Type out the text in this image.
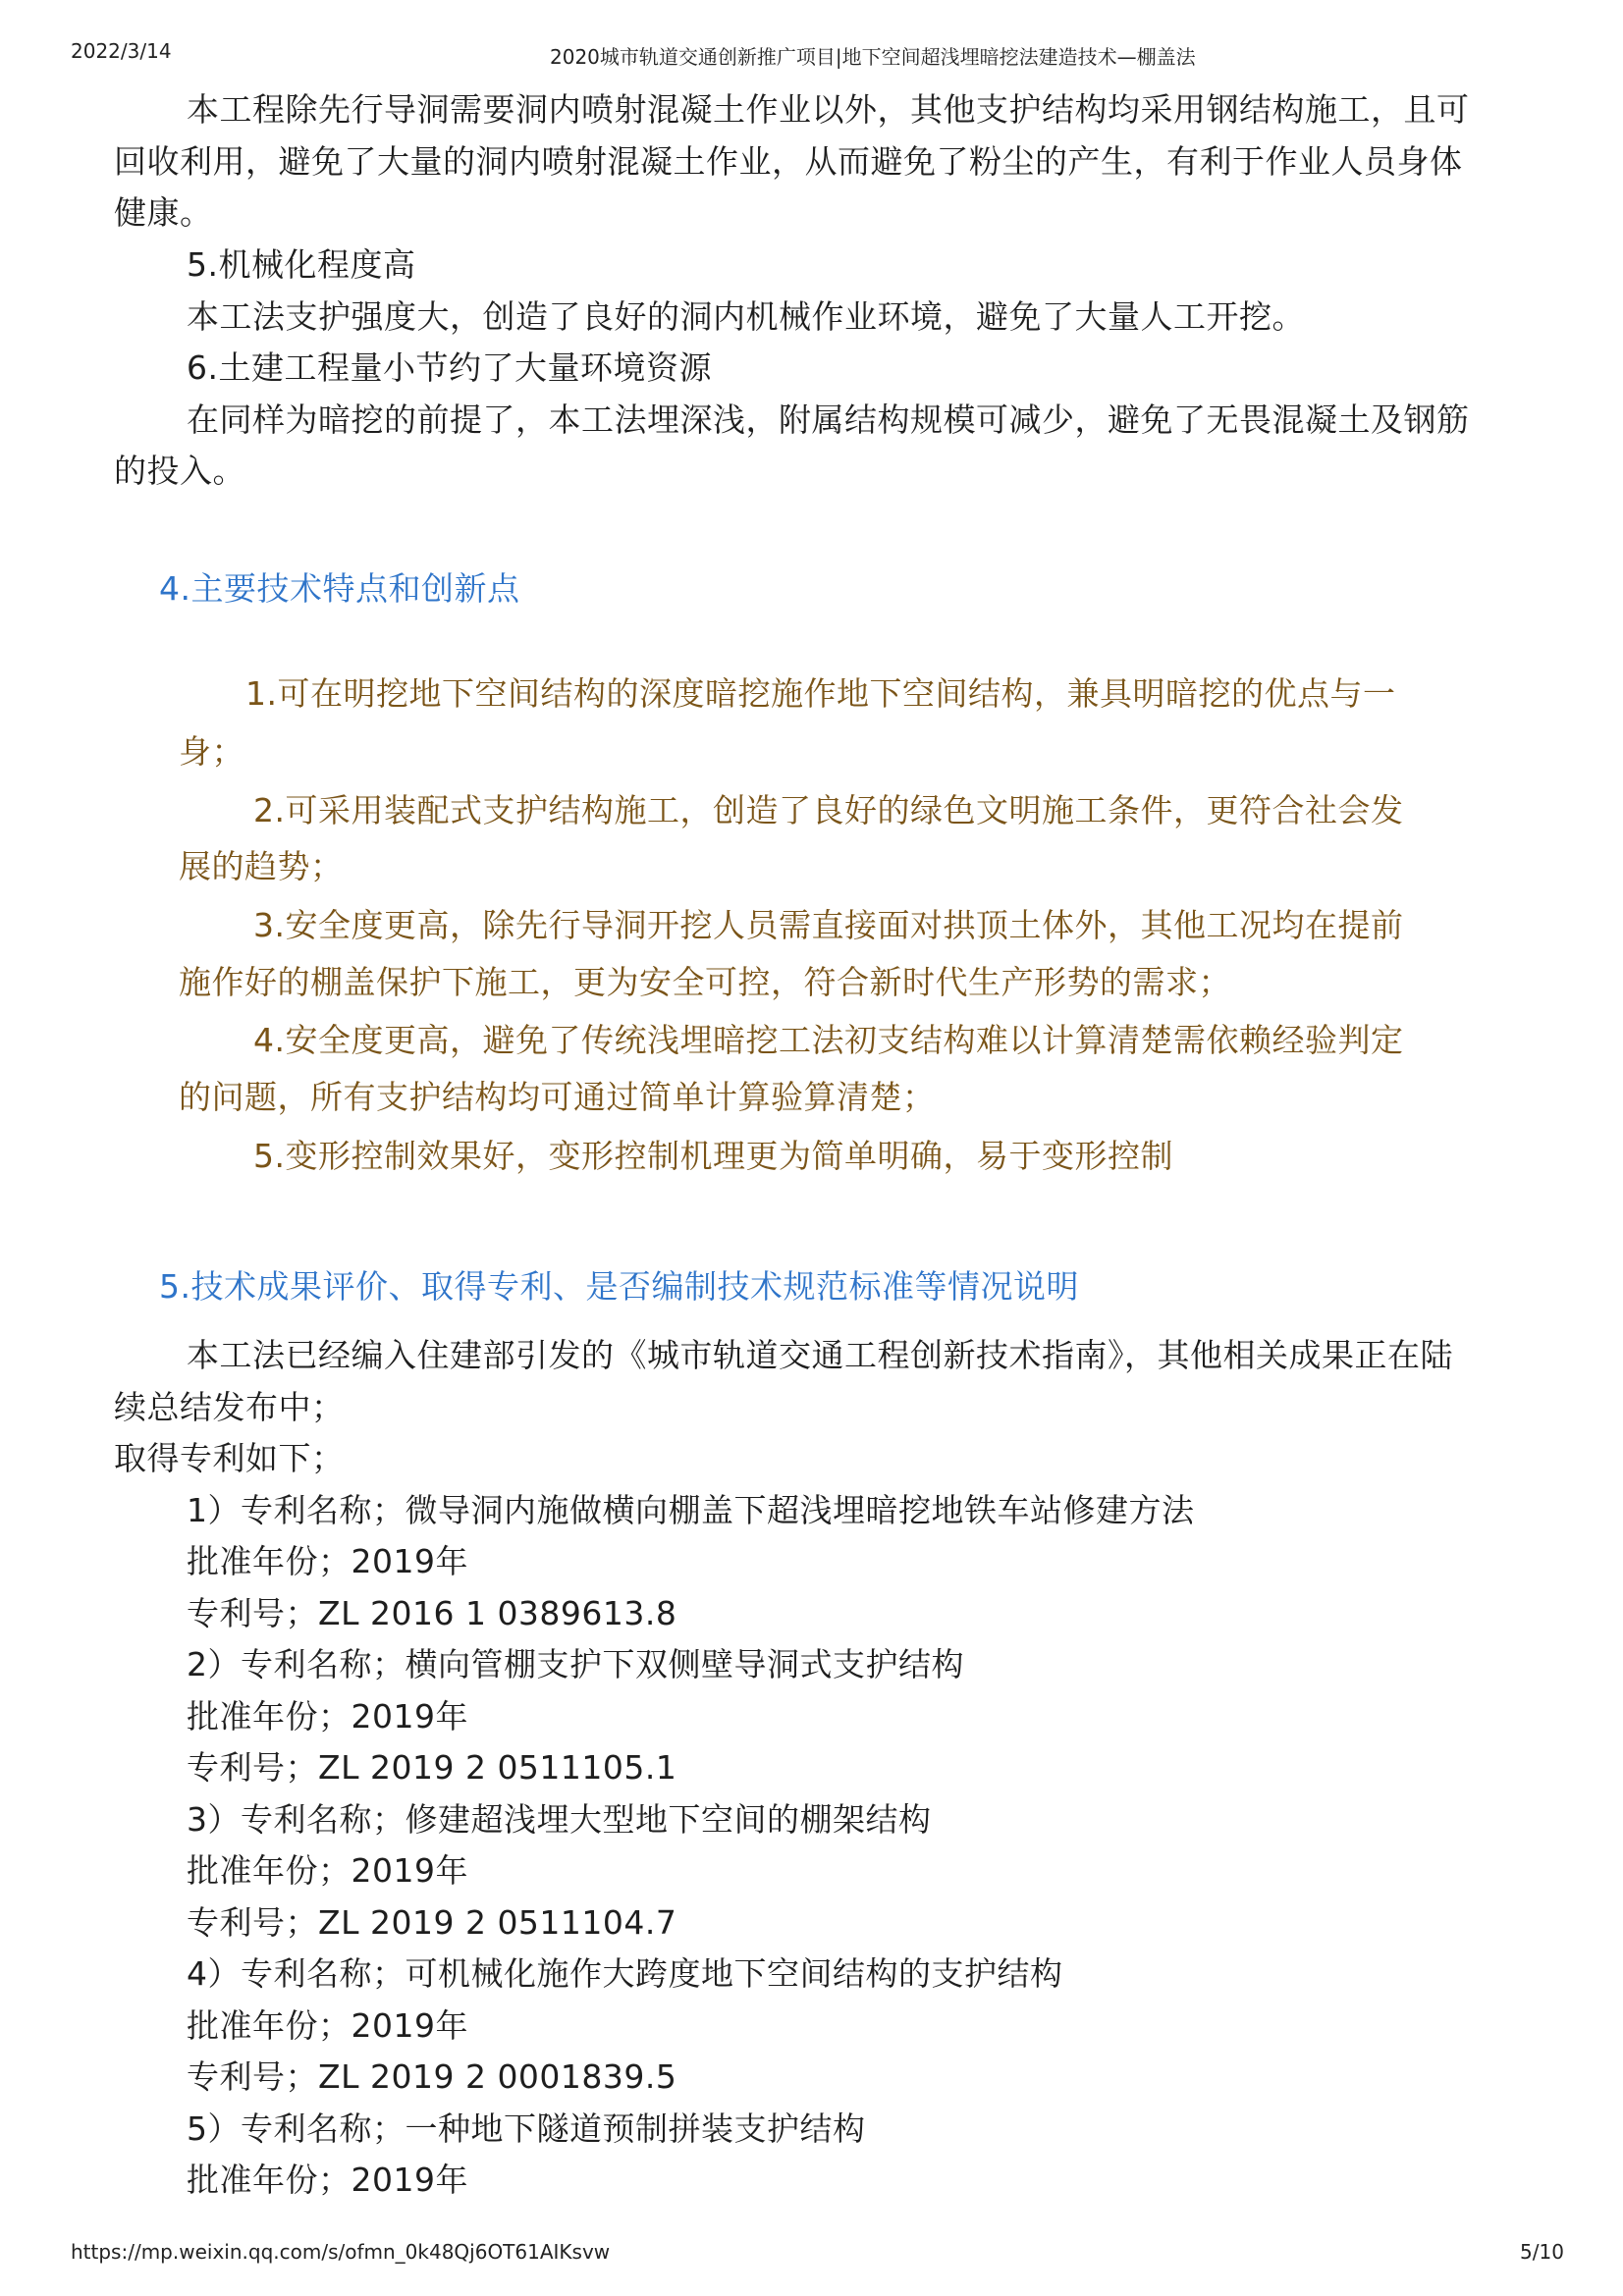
2022/3/14	2020城市轨道交通创新推广项目|地下空间超浅埋暗挖法建造技术—棚盖法
本工程除先行导洞需要洞内喷射混凝土作业以外，其他支护结构均采用钢结构施工，且可
回收利用，避免了大量的洞内喷射混凝土作业，从而避免了粉尘的产生，有利于作业人员身体
健康。
5.机械化程度高
本工法支护强度大，创造了良好的洞内机械作业环境，避免了大量人工开挖。
6.土建工程量小节约了大量环境资源
在同样为暗挖的前提了，本工法埋深浅，附属结构规模可减少，避免了无畏混凝土及钢筋
的投入。
4.主要技术特点和创新点
1.可在明挖地下空间结构的深度暗挖施作地下空间结构，兼具明暗挖的优点与一
身；
2.可采用装配式支护结构施工，创造了良好的绿色文明施工条件，更符合社会发
展的趋势；
3.安全度更高，除先行导洞开挖人员需直接面对拱顶土体外，其他工况均在提前
施作好的棚盖保护下施工，更为安全可控，符合新时代生产形势的需求；
4.安全度更高，避免了传统浅埋暗挖工法初支结构难以计算清楚需依赖经验判定
的问题，所有支护结构均可通过简单计算验算清楚；
5.变形控制效果好，变形控制机理更为简单明确，易于变形控制
5.技术成果评价、取得专利、是否编制技术规范标准等情况说明
本工法已经编入住建部引发的《城市轨道交通工程创新技术指南》，其他相关成果正在陆
续总结发布中；
取得专利如下；
1）专利名称；微导洞内施做横向棚盖下超浅埋暗挖地铁车站修建方法
批准年份；2019年
专利号；ZL 2016 1 0389613.8
2）专利名称；横向管棚支护下双侧壁导洞式支护结构
批准年份；2019年
专利号；ZL 2019 2 0511105.1
3）专利名称；修建超浅埋大型地下空间的棚架结构
批准年份；2019年
专利号；ZL 2019 2 0511104.7
4）专利名称；可机械化施作大跨度地下空间结构的支护结构
批准年份；2019年
专利号；ZL 2019 2 0001839.5
5）专利名称；一种地下隧道预制拼装支护结构
批准年份；2019年
https://mp.weixin.qq.com/s/ofmn_0k48Qj6OT61AIKsvw	5/10
